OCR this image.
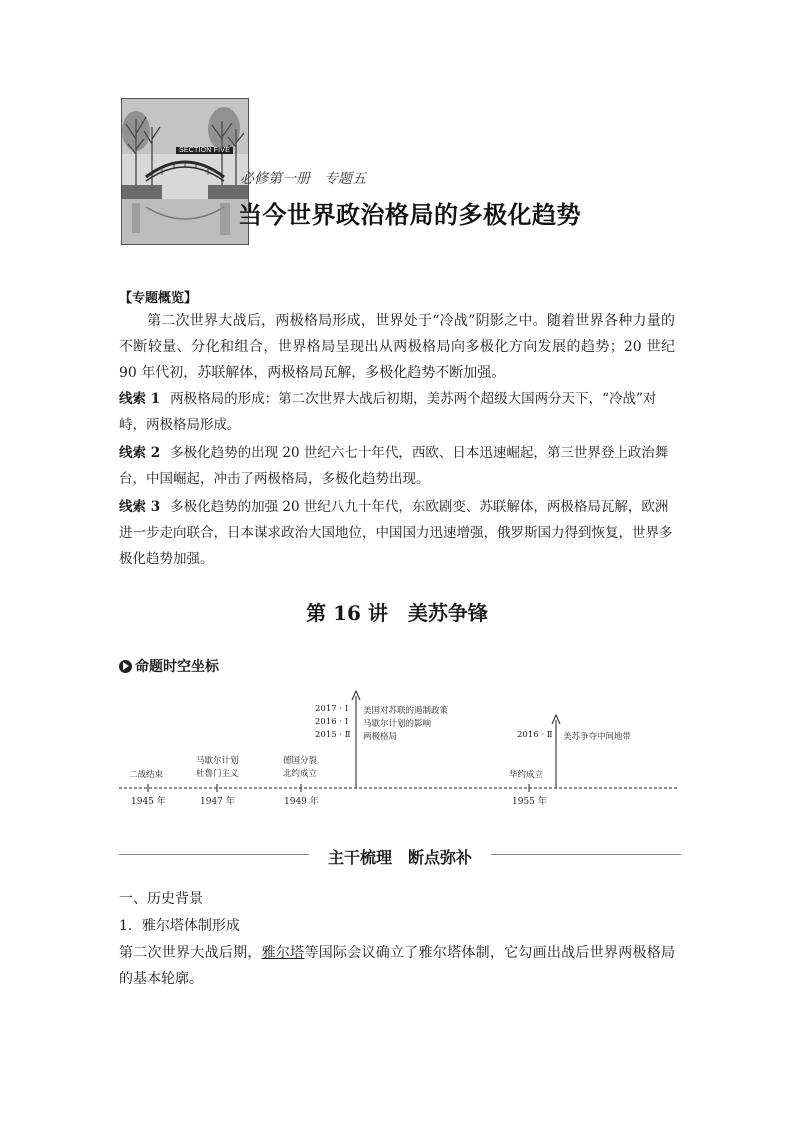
SECTION FIVE
必修第一册　专题五
当今世界政治格局的多极化趋势
【专题概览】
第二次世界大战后，两极格局形成，世界处于“冷战”阴影之中。随着世界各种力量的不断较量、分化和组合，世界格局呈现出从两极格局向多极化方向发展的趋势；20 世纪 90 年代初，苏联解体，两极格局瓦解，多极化趋势不断加强。
线索 1 两极格局的形成：第二次世界大战后初期，美苏两个超级大国两分天下，“冷战”对峙，两极格局形成。
线索 2 多极化趋势的出现 20 世纪六七十年代，西欧、日本迅速崛起，第三世界登上政治舞台，中国崛起，冲击了两极格局，多极化趋势出现。
线索 3 多极化趋势的加强 20 世纪八九十年代，东欧剧变、苏联解体，两极格局瓦解，欧洲进一步走向联合，日本谋求政治大国地位，中国国力迅速增强，俄罗斯国力得到恢复，世界多极化趋势加强。
第 16 讲　美苏争锋
命题时空坐标
2017 · Ⅰ 美国对苏联的遏制政策
2016 · Ⅰ 马歇尔计划的影响
2015 · Ⅱ 两极格局	2016 · Ⅱ 美苏争夺中间地带
二战结束
马歇尔计划
杜鲁门主义
德国分裂
北约成立	华约成立
1945 年	1947 年	1949 年	1955 年
主干梳理　断点弥补
一、历史背景
1．雅尔塔体制形成
第二次世界大战后期，雅尔塔等国际会议确立了雅尔塔体制，它勾画出战后世界两极格局的基本轮廓。
